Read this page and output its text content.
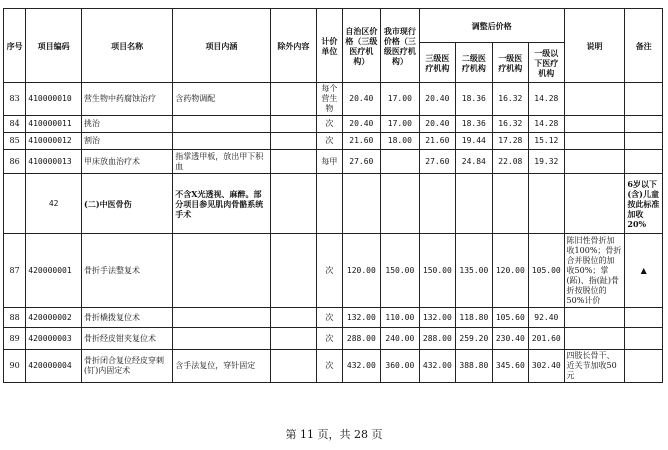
序号	项目编码	项目名称	项目内涵	除外内容	计价单位	自治区价格（三级医疗机构）	我市现行价格（三级医疗机构）	调整后价格				说明	备注
								三级医疗机构	二级医疗机构	一级医疗机构	一级以下医疗机构		
83	410000010	营生物中药腐蚀治疗	含药物调配		每个营生物	20.40	17.00	20.40	18.36	16.32	14.28		
84	410000011	挑治			次	20.40	17.00	20.40	18.36	16.32	14.28		
85	410000012	割治			次	21.60	18.00	21.60	19.44	17.28	15.12		
86	410000013	甲床放血治疗术	指掌透甲板，放出甲下积血		每甲	27.60		27.60	24.84	22.08	19.32		
	42	(二)中医骨伤	不含X光透视、麻醉。部分项目参见肌肉骨骼系统手术										6岁以下(含)儿童按此标准加收20%
87	420000001	骨折手法整复术			次	120.00	150.00	150.00	135.00	120.00	105.00	陈旧性骨折加收100%；骨折合并脱位的加收50%；掌(跖)、指(趾)骨折按脱位的50%计价	▲
88	420000002	骨折橇拨复位术			次	132.00	110.00	132.00	118.80	105.60	92.40		
89	420000003	骨折经皮钳夹复位术			次	288.00	240.00	288.00	259.20	230.40	201.60		
90	420000004	骨折闭合复位经皮穿刺(钉)内固定术	含手法复位，穿针固定		次	432.00	360.00	432.00	388.80	345.60	302.40	四肢长骨干、近关节加收50元	
第 11 页，共 28 页
